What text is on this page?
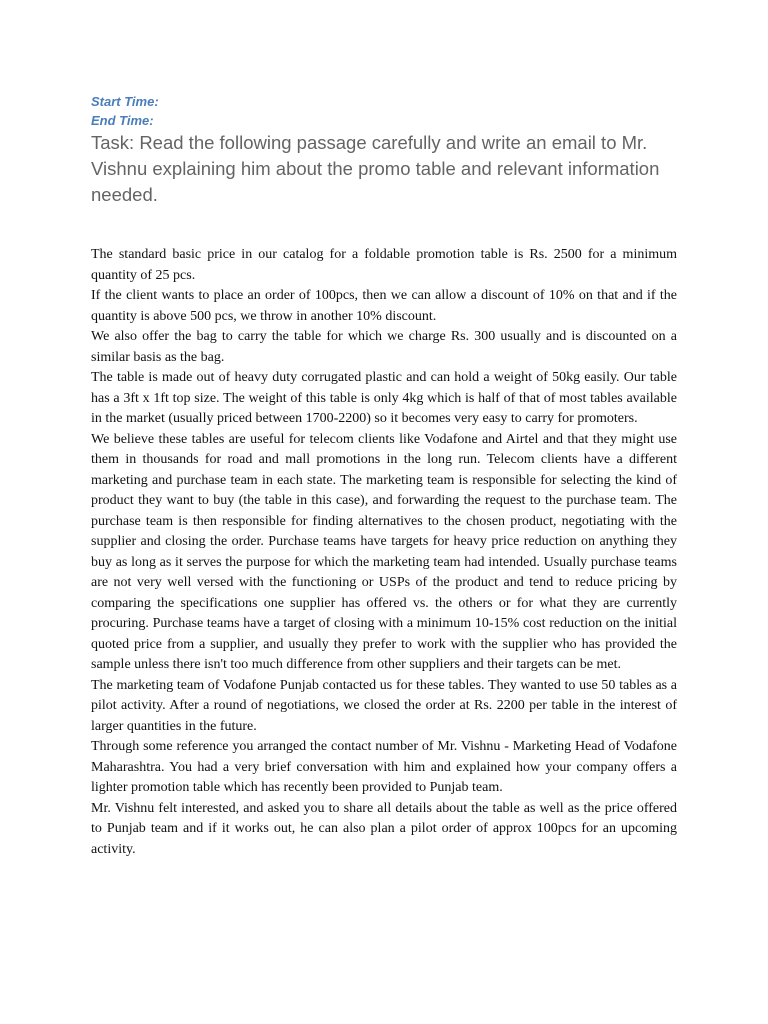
Start Time:
End Time:
Task: Read the following passage carefully and write an email to Mr. Vishnu explaining him about the promo table and relevant information needed.

The standard basic price in our catalog for a foldable promotion table is Rs. 2500 for a minimum quantity of 25 pcs.

If the client wants to place an order of 100pcs, then we can allow a discount of 10% on that and if the quantity is above 500 pcs, we throw in another 10% discount.

We also offer the bag to carry the table for which we charge Rs. 300 usually and is discounted on a similar basis as the bag.

The table is made out of heavy duty corrugated plastic and can hold a weight of 50kg easily. Our table has a 3ft x 1ft top size. The weight of this table is only 4kg which is half of that of most tables available in the market (usually priced between 1700-2200) so it becomes very easy to carry for promoters.

We believe these tables are useful for telecom clients like Vodafone and Airtel and that they might use them in thousands for road and mall promotions in the long run. Telecom clients have a different marketing and purchase team in each state. The marketing team is responsible for selecting the kind of product they want to buy (the table in this case), and forwarding the request to the purchase team. The purchase team is then responsible for finding alternatives to the chosen product, negotiating with the supplier and closing the order. Purchase teams have targets for heavy price reduction on anything they buy as long as it serves the purpose for which the marketing team had intended. Usually purchase teams are not very well versed with the functioning or USPs of the product and tend to reduce pricing by comparing the specifications one supplier has offered vs. the others or for what they are currently procuring. Purchase teams have a target of closing with a minimum 10-15% cost reduction on the initial quoted price from a supplier, and usually they prefer to work with the supplier who has provided the sample unless there isn't too much difference from other suppliers and their targets can be met.

The marketing team of Vodafone Punjab contacted us for these tables. They wanted to use 50 tables as a pilot activity. After a round of negotiations, we closed the order at Rs. 2200 per table in the interest of larger quantities in the future.

Through some reference you arranged the contact number of Mr. Vishnu - Marketing Head of Vodafone Maharashtra. You had a very brief conversation with him and explained how your company offers a lighter promotion table which has recently been provided to Punjab team.

Mr. Vishnu felt interested, and asked you to share all details about the table as well as the price offered to Punjab team and if it works out, he can also plan a pilot order of approx 100pcs for an upcoming activity.
